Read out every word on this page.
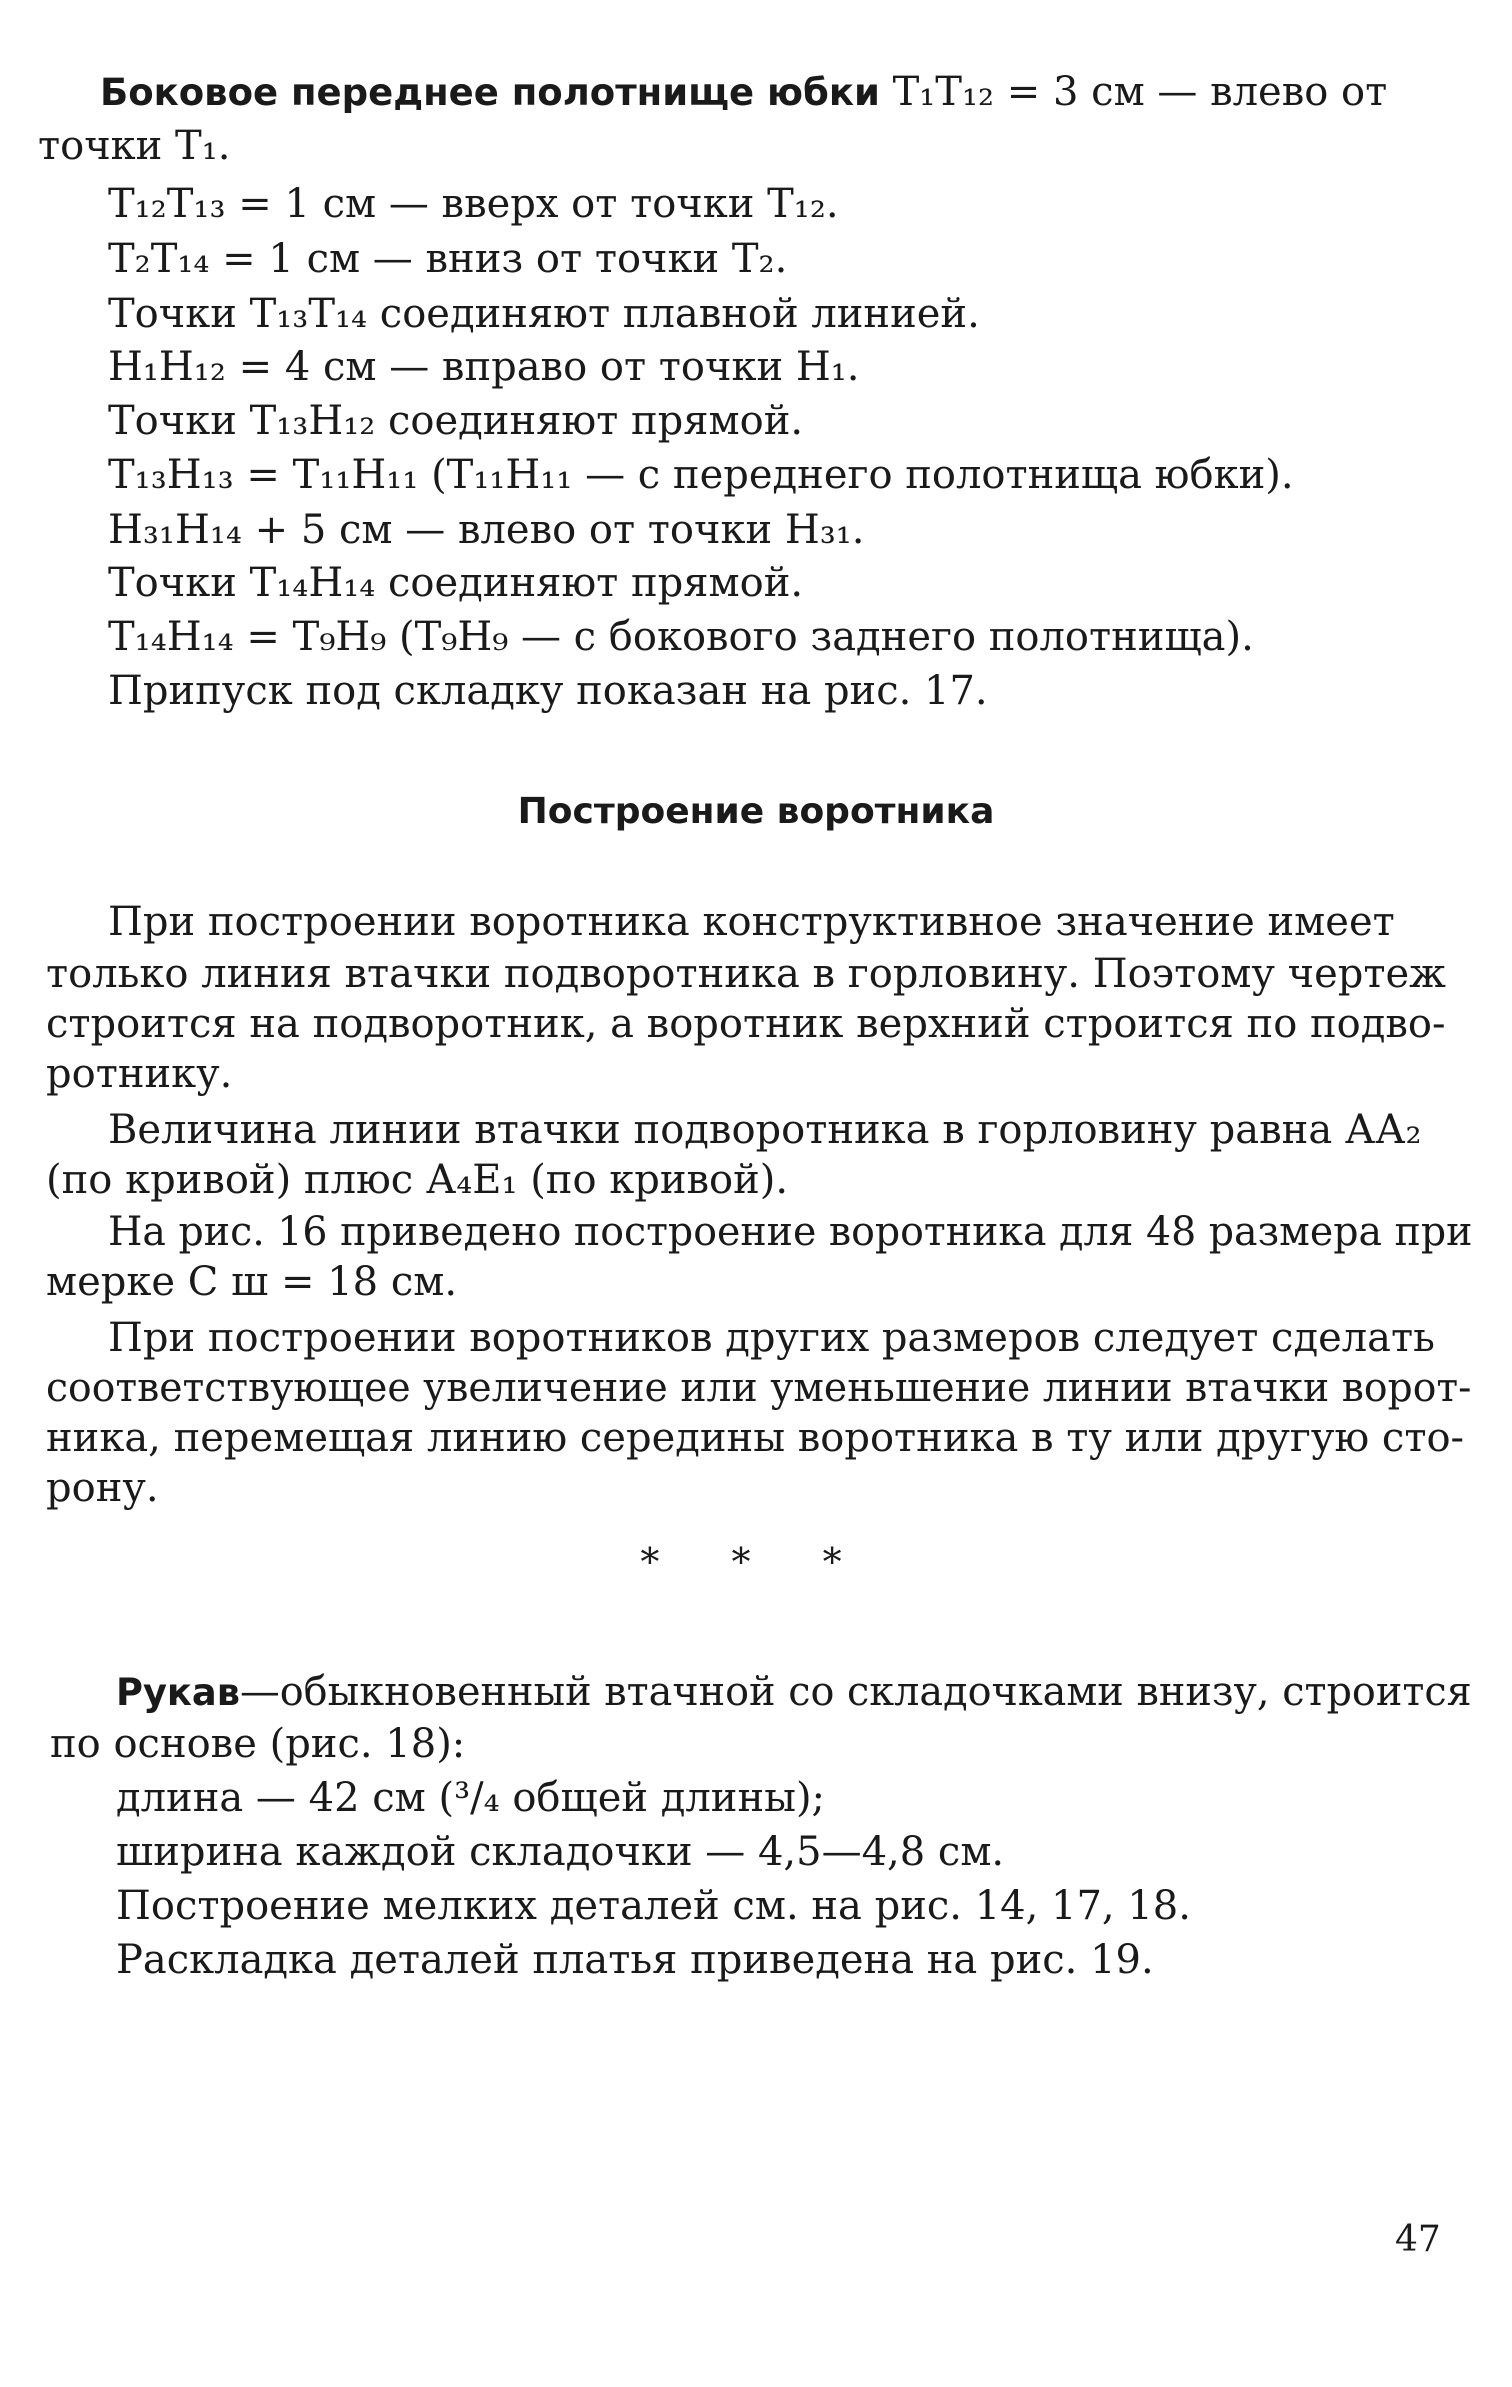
Боковое переднее полотнище юбки Т₁Т₁₂ = 3 см — влево от
точки Т₁.
Т₁₂Т₁₃ = 1 см — вверх от точки Т₁₂.
Т₂Т₁₄ = 1 см — вниз от точки Т₂.
Точки Т₁₃Т₁₄ соединяют плавной линией.
Н₁Н₁₂ = 4 см — вправо от точки Н₁.
Точки Т₁₃Н₁₂ соединяют прямой.
Т₁₃Н₁₃ = Т₁₁Н₁₁ (Т₁₁Н₁₁ — с переднего полотнища юбки).
Н₃₁Н₁₄ + 5 см — влево от точки Н₃₁.
Точки Т₁₄Н₁₄ соединяют прямой.
Т₁₄Н₁₄ = Т₉Н₉ (Т₉Н₉ — с бокового заднего полотнища).
Припуск под складку показан на рис. 17.
Построение воротника
При построении воротника конструктивное значение имеет
только линия втачки подворотника в горловину. Поэтому чертеж
строится на подворотник, а воротник верхний строится по подво-
ротнику.
Величина линии втачки подворотника в горловину равна АА₂
(по кривой) плюс А₄Е₁ (по кривой).
На рис. 16 приведено построение воротника для 48 размера при
мерке С ш = 18 см.
При построении воротников других размеров следует сделать
соответствующее увеличение или уменьшение линии втачки ворот-
ника, перемещая линию середины воротника в ту или другую сто-
рону.
* * *
Рукав—обыкновенный втачной со складочками внизу, строится
по основе (рис. 18):
длина — 42 см (³/₄ общей длины);
ширина каждой складочки — 4,5—4,8 см.
Построение мелких деталей см. на рис. 14, 17, 18.
Раскладка деталей платья приведена на рис. 19.
47
